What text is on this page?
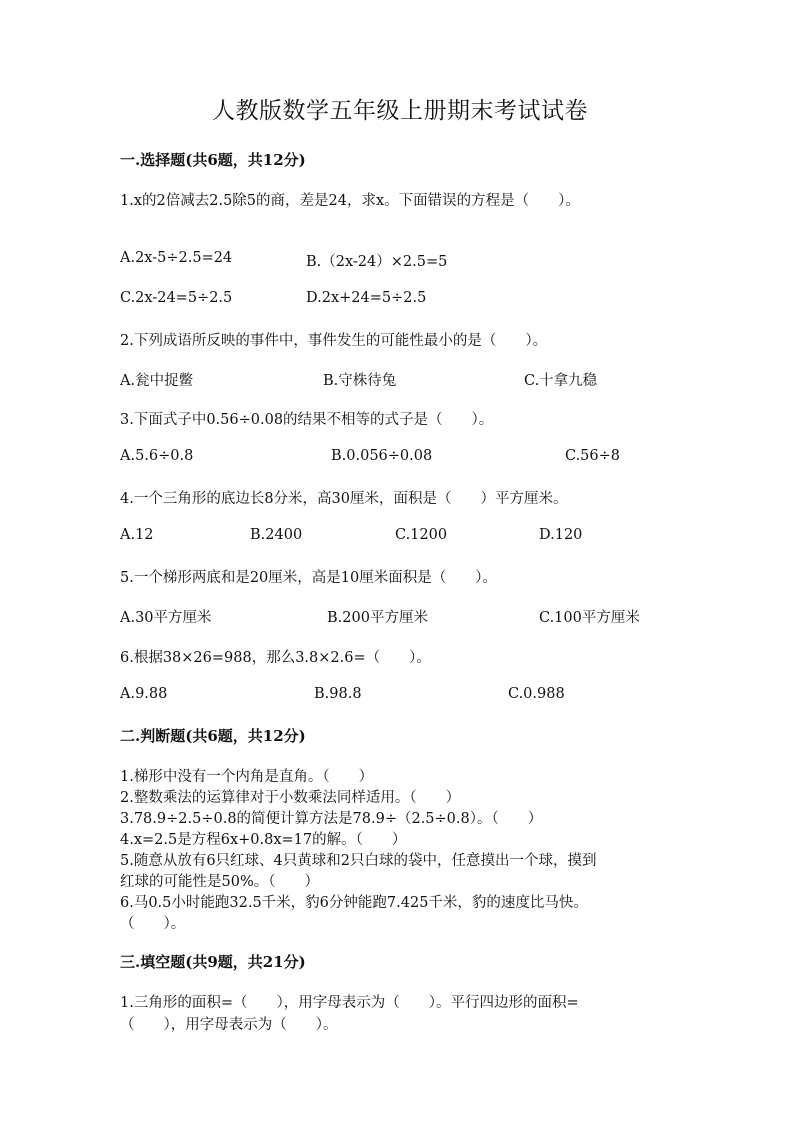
人教版数学五年级上册期末考试试卷
一.选择题(共6题，共12分)
1.x的2倍减去2.5除5的商，差是24，求x。下面错误的方程是（　　）。
A.2x-5÷2.5=24	B.（2x-24）×2.5=5
C.2x-24=5÷2.5	D.2x+24=5÷2.5
2.下列成语所反映的事件中，事件发生的可能性最小的是（　　）。
A.瓮中捉鳖	B.守株待兔	C.十拿九稳
3.下面式子中0.56÷0.08的结果不相等的式子是（　　）。
A.5.6÷0.8	B.0.056÷0.08	C.56÷8
4.一个三角形的底边长8分米，高30厘米，面积是（　　）平方厘米。
A.12	B.2400	C.1200	D.120
5.一个梯形两底和是20厘米，高是10厘米面积是（　　）。
A.30平方厘米	B.200平方厘米	C.100平方厘米
6.根据38×26=988，那么3.8×2.6=（　　）。
A.9.88	B.98.8	C.0.988
二.判断题(共6题，共12分)
1.梯形中没有一个内角是直角。（　　）
2.整数乘法的运算律对于小数乘法同样适用。（　　）
3.78.9÷2.5÷0.8的简便计算方法是78.9÷（2.5÷0.8）。（　　）
4.x=2.5是方程6x+0.8x=17的解。（　　）
5.随意从放有6只红球、4只黄球和2只白球的袋中，任意摸出一个球，摸到
红球的可能性是50%。（　　）
6.马0.5小时能跑32.5千米，豹6分钟能跑7.425千米，豹的速度比马快。
（　　）。
三.填空题(共9题，共21分)
1.三角形的面积=（　　），用字母表示为（　　）。平行四边形的面积=
（　　），用字母表示为（　　）。
